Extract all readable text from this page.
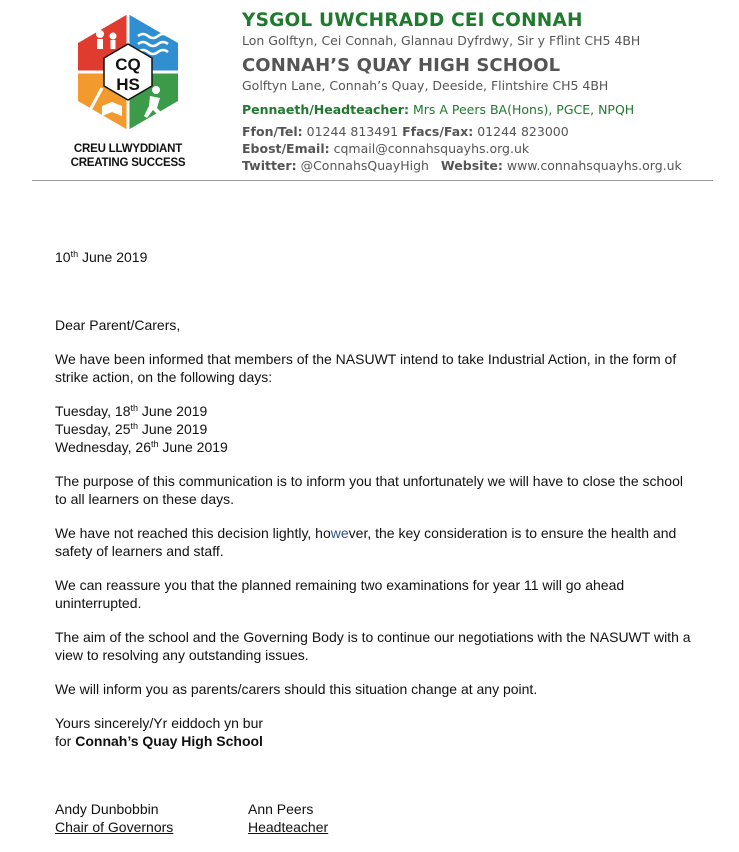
CQ
HS
CREU LLWYDDIANT
CREATING SUCCESS
YSGOL UWCHRADD CEI CONNAH
Lon Golftyn, Cei Connah, Glannau Dyfrdwy, Sir y Fflint CH5 4BH
CONNAH’S QUAY HIGH SCHOOL
Golftyn Lane, Connah’s Quay, Deeside, Flintshire CH5 4BH
Pennaeth/Headteacher: Mrs A Peers BA(Hons), PGCE, NPQH
Ffon/Tel: 01244 813491 Ffacs/Fax: 01244 823000
Ebost/Email: cqmail@connahsquayhs.org.uk
Twitter: @ConnahsQuayHigh Website: www.connahsquayhs.org.uk
10th June 2019
Dear Parent/Carers,
We have been informed that members of the NASUWT intend to take Industrial Action, in the form of strike action, on the following days:
Tuesday, 18th June 2019
Tuesday, 25th June 2019
Wednesday, 26th June 2019
The purpose of this communication is to inform you that unfortunately we will have to close the school to all learners on these days.
We have not reached this decision lightly, however, the key consideration is to ensure the health and safety of learners and staff.
We can reassure you that the planned remaining two examinations for year 11 will go ahead uninterrupted.
The aim of the school and the Governing Body is to continue our negotiations with the NASUWT with a view to resolving any outstanding issues.
We will inform you as parents/carers should this situation change at any point.
Yours sincerely/Yr eiddoch yn bur
for Connah’s Quay High School
Andy Dunbobbin
Chair of Governors
Ann Peers
Headteacher
